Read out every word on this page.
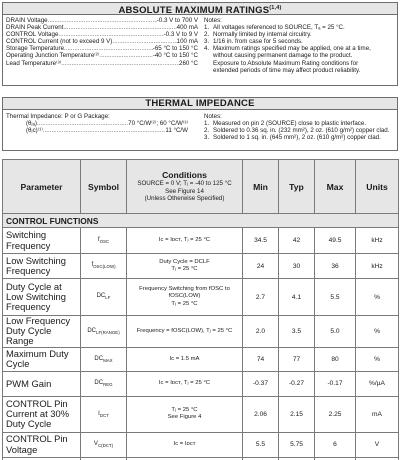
ABSOLUTE MAXIMUM RATINGS$^{(1,4)}$
DRAIN Voltage .....	-0.3 V to 700 V
DRAIN Peak Current .....	400 mA
CONTROL Voltage .....	-0.3 V to 9 V
CONTROL Current (not to exceed 9 V) .....	100 mA
Storage Temperature .....	-65 °C to 150 °C
Operating Junction Temperature⁽²⁾ .....	-40 °C to 150 °C
Lead Temperature⁽³⁾ .....	260 °C
Notes:
1. All voltages referenced to SOURCE, Tₐ = 25 °C.
2. Normally limited by internal circuitry.
3. 1/16 in. from case for 5 seconds.
4. Maximum ratings specified may be applied, one at a time,
without causing permanent damage to the product.
Exposure to Absolute Maximum Rating conditions for
extended periods of time may affect product reliability.
THERMAL IMPEDANCE
Thermal Impedance: P or G Package:
(θⱼₐ) .....	70 °C/W⁽²⁾; 60 °C/W⁽³⁾
(θⱼc)⁽¹⁾ .....	11 °C/W
Notes:
1. Measured on pin 2 (SOURCE) close to plastic interface.
2. Soldered to 0.36 sq. in. (232 mm²), 2 oz. (610 g/m²) copper clad.
3. Soldered to 1 sq. in. (645 mm²), 2 oz. (610 g/m²) copper clad.
Parameter	Symbol	Conditions
SOURCE = 0 V; Tⱼ = -40 to 125 °C
See Figure 14
(Unless Otherwise Specified)	Min	Typ	Max	Units
CONTROL FUNCTIONS						
Switching Frequency	$f_{OSC}$	Iᴄ = Iᴅᴄᴛ, Tⱼ = 25 °C	34.5	42	49.5	kHz
Low Switching Frequency	$f_{OSC(LOW)}$	Duty Cycle = DCLF
Tⱼ = 25 °C	24	30	36	kHz
Duty Cycle at Low Switching Frequency	$DC_{LF}$	Frequency Switching from fOSC to fOSC(LOW)
Tⱼ = 25 °C	2.7	4.1	5.5	%
Low Frequency Duty Cycle Range	$DC_{LF(RANGE)}$	Frequency = fOSC(LOW), Tⱼ = 25 °C	2.0	3.5	5.0	%
Maximum Duty Cycle	$DC_{MAX}$	Iᴄ = 1.5 mA	74	77	80	%
PWM Gain	$DC_{REG}$	Iᴄ = Iᴅᴄᴛ, Tⱼ = 25 °C	-0.37	-0.27	-0.17	%/µA
CONTROL Pin Current at 30% Duty Cycle	$I_{DCT}$	Tⱼ = 25 °C
See Figure 4	2.06	2.15	2.25	mA
CONTROL Pin Voltage	$V_{C(DCT)}$	Iᴄ = Iᴅᴄᴛ	5.5	5.75	6	V
